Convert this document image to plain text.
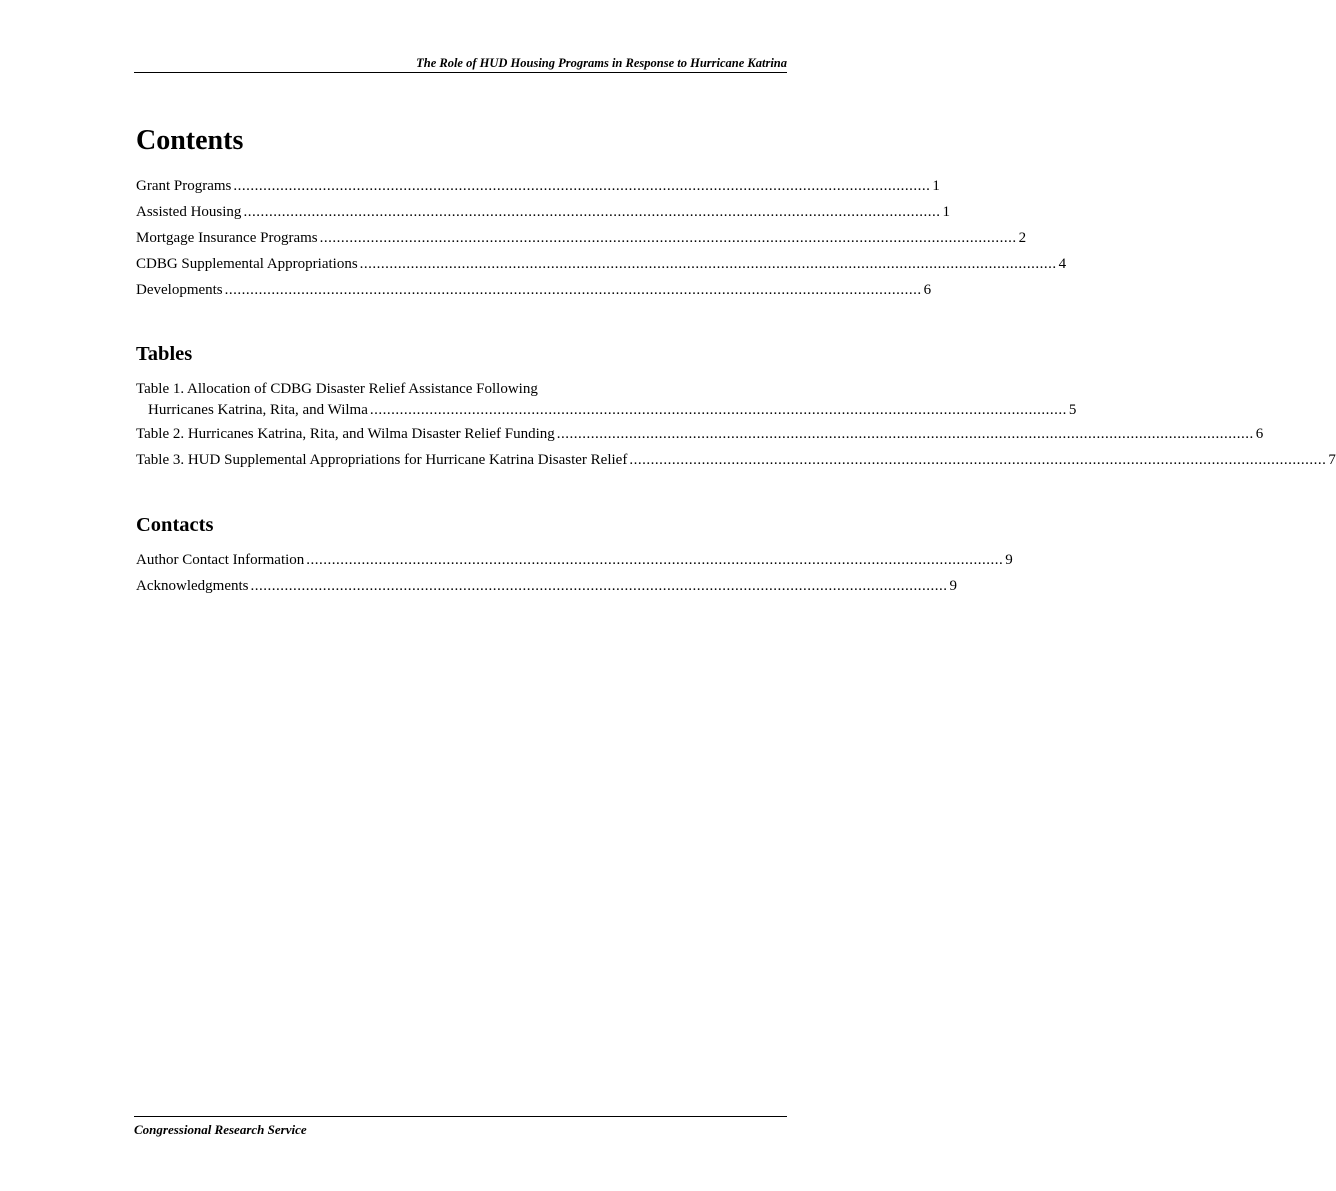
The Role of HUD Housing Programs in Response to Hurricane Katrina
Contents
Grant Programs .................................................................................................................................................................... 1
Assisted Housing .................................................................................................................................................................... 1
Mortgage Insurance Programs .................................................................................................................................................................... 2
CDBG Supplemental Appropriations .................................................................................................................................................................... 4
Developments .................................................................................................................................................................... 6
Tables
Table 1. Allocation of CDBG Disaster Relief Assistance Following
Hurricanes Katrina, Rita, and Wilma .................................................................................................................................................................... 5
Table 2. Hurricanes Katrina, Rita, and Wilma Disaster Relief Funding .................................................................................................................................................................... 6
Table 3. HUD Supplemental Appropriations for Hurricane Katrina Disaster Relief .................................................................................................................................................................... 7
Contacts
Author Contact Information .................................................................................................................................................................... 9
Acknowledgments .................................................................................................................................................................... 9
Congressional Research Service
